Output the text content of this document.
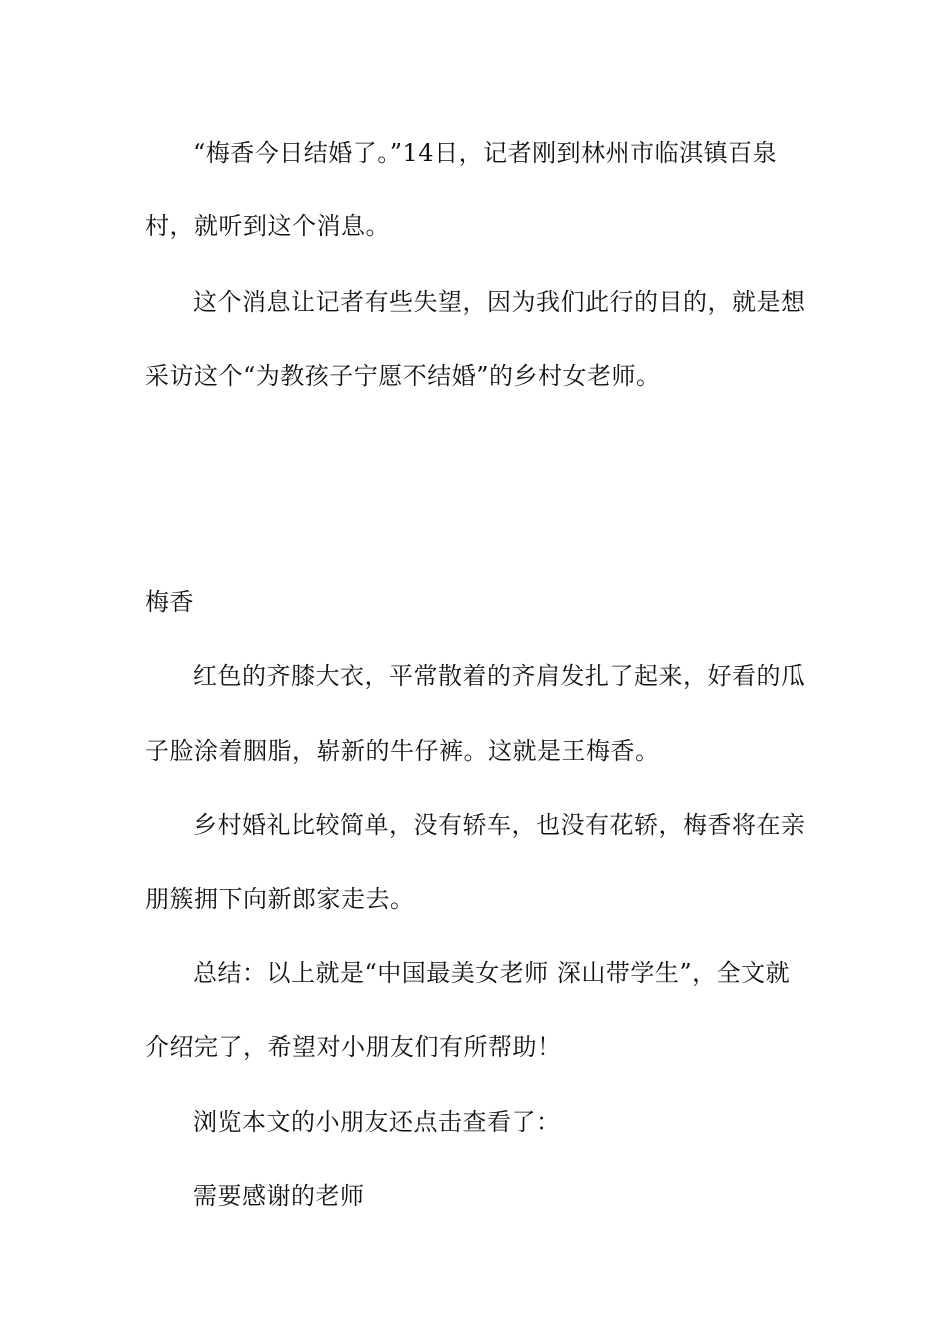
“梅香今日结婚了。”14日，记者刚到林州市临淇镇百泉
村，就听到这个消息。
这个消息让记者有些失望，因为我们此行的目的，就是想
采访这个“为教孩子宁愿不结婚”的乡村女老师。
梅香
红色的齐膝大衣，平常散着的齐肩发扎了起来，好看的瓜
子脸涂着胭脂，崭新的牛仔裤。这就是王梅香。
乡村婚礼比较简单，没有轿车，也没有花轿，梅香将在亲
朋簇拥下向新郎家走去。
总结：以上就是“中国最美女老师 深山带学生”，全文就
介绍完了，希望对小朋友们有所帮助！
浏览本文的小朋友还点击查看了：
需要感谢的老师
